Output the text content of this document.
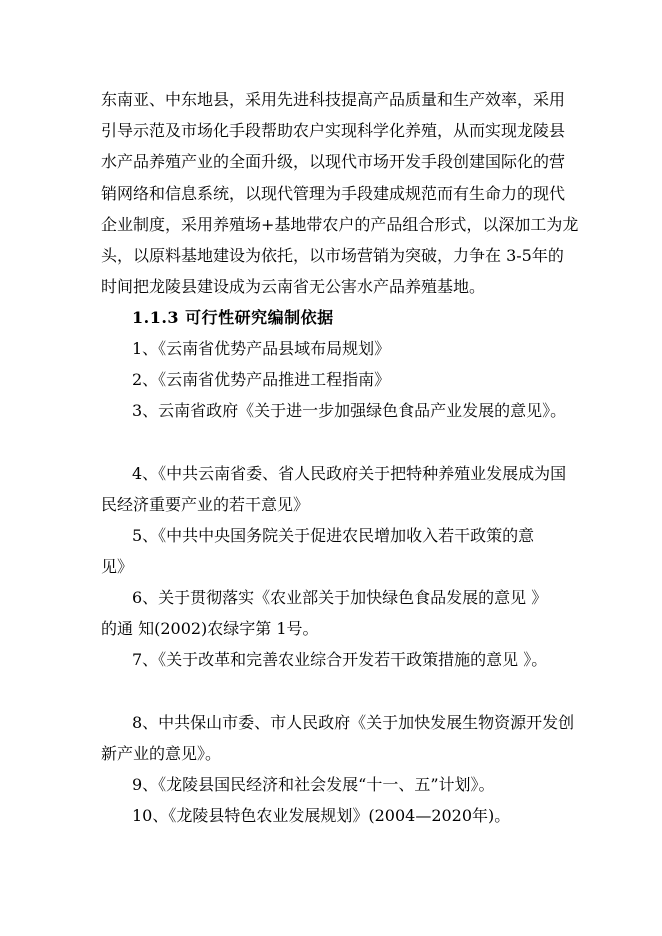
东南亚、中东地县，采用先进科技提高产品质量和生产效率，采用
引导示范及市场化手段帮助农户实现科学化养殖，从而实现龙陵县
水产品养殖产业的全面升级，以现代市场开发手段创建国际化的营
销网络和信息系统，以现代管理为手段建成规范而有生命力的现代
企业制度，采用养殖场+基地带农户的产品组合形式，以深加工为龙
头，以原料基地建设为依托，以市场营销为突破，力争在 3-5年的
时间把龙陵县建设成为云南省无公害水产品养殖基地。
1.1.3 可行性研究编制依据
1、《云南省优势产品县域布局规划》
2、《云南省优势产品推进工程指南》
3、云南省政府《关于进一步加强绿色食品产业发展的意见》。
4、《中共云南省委、省人民政府关于把特种养殖业发展成为国
民经济重要产业的若干意见》
5、《中共中央国务院关于促进农民增加收入若干政策的意
见》
6、关于贯彻落实《农业部关于加快绿色食品发展的意见 》
的通 知(2002)农绿字第 1号。
7、《关于改革和完善农业综合开发若干政策措施的意见 》。
8、中共保山市委、市人民政府《关于加快发展生物资源开发创
新产业的意见》。
9、《龙陵县国民经济和社会发展“十一、五”计划》。
10、《龙陵县特色农业发展规划》(2004—2020年)。
